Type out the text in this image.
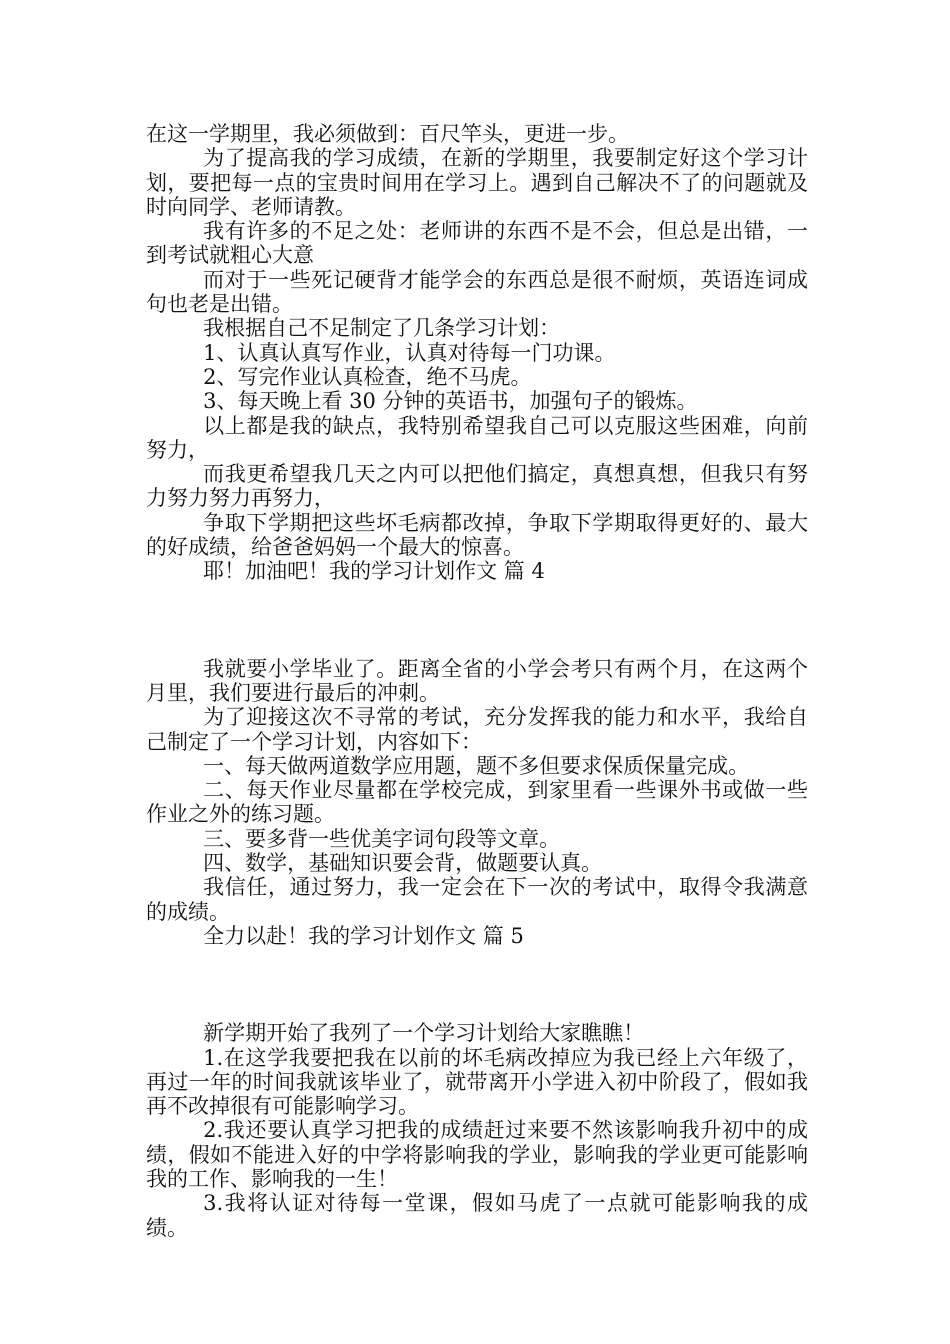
在这一学期里，我必须做到：百尺竿头，更进一步。

为了提高我的学习成绩，在新的学期里，我要制定好这个学习计划，要把每一点的宝贵时间用在学习上。遇到自己解决不了的问题就及时向同学、老师请教。

我有许多的不足之处：老师讲的东西不是不会，但总是出错，一到考试就粗心大意

而对于一些死记硬背才能学会的东西总是很不耐烦，英语连词成句也老是出错。

我根据自己不足制定了几条学习计划：

1、认真认真写作业，认真对待每一门功课。

2、写完作业认真检查，绝不马虎。

3、每天晚上看 30 分钟的英语书，加强句子的锻炼。

以上都是我的缺点，我特别希望我自己可以克服这些困难，向前努力，

而我更希望我几天之内可以把他们搞定，真想真想，但我只有努力努力努力再努力，

争取下学期把这些坏毛病都改掉，争取下学期取得更好的、最大的好成绩，给爸爸妈妈一个最大的惊喜。

耶！加油吧！我的学习计划作文 篇 4

我就要小学毕业了。距离全省的小学会考只有两个月，在这两个月里，我们要进行最后的冲刺。

为了迎接这次不寻常的考试，充分发挥我的能力和水平，我给自己制定了一个学习计划，内容如下：

一、每天做两道数学应用题，题不多但要求保质保量完成。

二、每天作业尽量都在学校完成，到家里看一些课外书或做一些作业之外的练习题。

三、要多背一些优美字词句段等文章。

四、数学，基础知识要会背，做题要认真。

我信任，通过努力，我一定会在下一次的考试中，取得令我满意的成绩。

全力以赴！我的学习计划作文 篇 5

新学期开始了我列了一个学习计划给大家瞧瞧！

1.在这学我要把我在以前的坏毛病改掉应为我已经上六年级了，再过一年的时间我就该毕业了，就带离开小学进入初中阶段了，假如我再不改掉很有可能影响学习。

2.我还要认真学习把我的成绩赶过来要不然该影响我升初中的成绩，假如不能进入好的中学将影响我的学业，影响我的学业更可能影响我的工作、影响我的一生！

3.我将认证对待每一堂课，假如马虎了一点就可能影响我的成绩。
